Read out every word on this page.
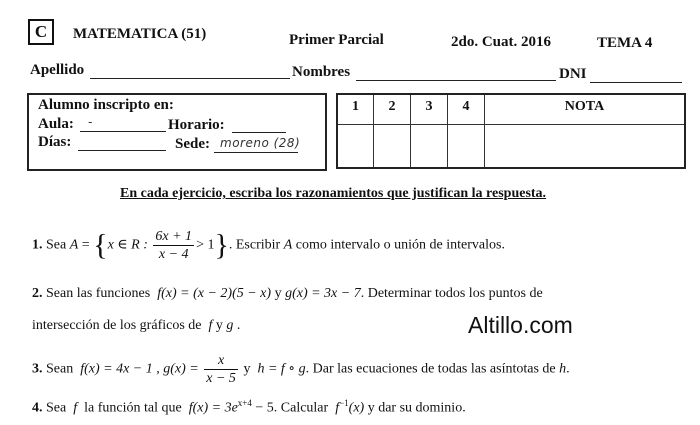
C	MATEMATICA (51)	Primer Parcial	2do. Cuat. 2016	TEMA 4
Apellido	Nombres	DNI
Alumno inscripto en:
Aula: -	Horario:
Días:	Sede: moreno (28)
1	2	3	4	NOTA
En cada ejercicio, escriba los razonamientos que justifican la respuesta.
1. Sea A = {x ∈ R : $\frac{6x + 1}{x - 4} > 1$}. Escribir A como intervalo o unión de intervalos.
2. Sean las funciones f(x) = (x − 2)(5 − x) y g(x) = 3x − 7. Determinar todos los puntos de
intersección de los gráficos de f y g .	Altillo.com
3. Sean f(x) = 4x − 1 , $g(x) = \frac{x}{x - 5}$ y h = f ∘ g. Dar las ecuaciones de todas las asíntotas de h.
4. Sea f la función tal que $f(x) = 3e^{x+4} - 5$. Calcular $f^{-1}(x)$ y dar su dominio.
